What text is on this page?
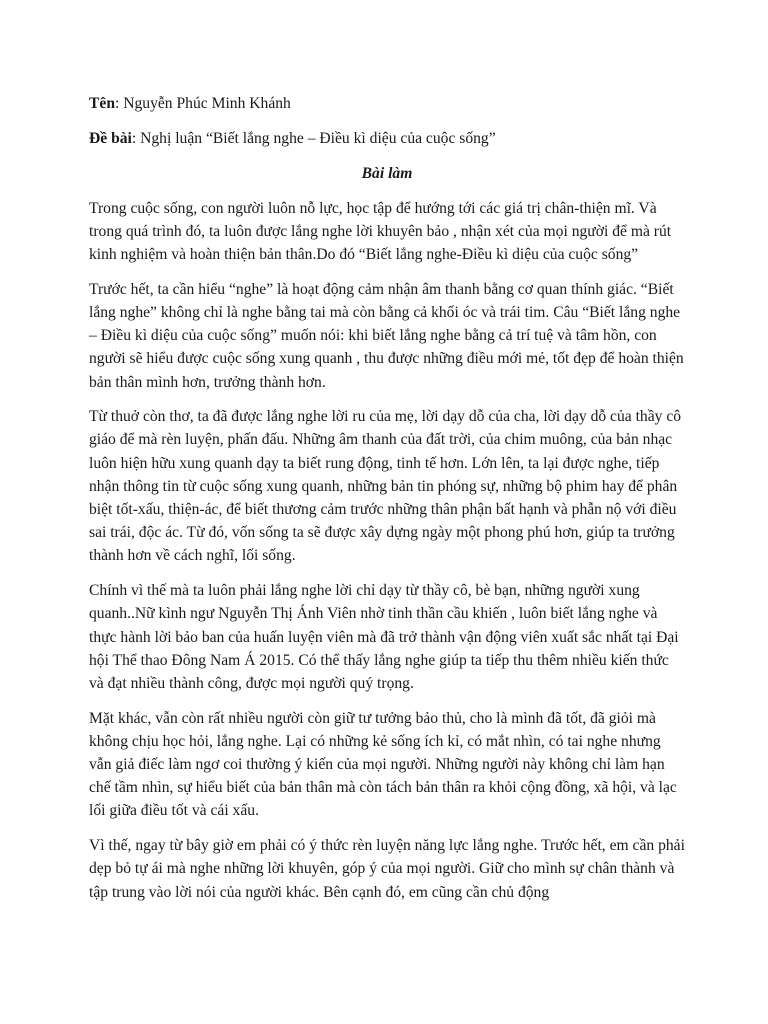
Tên: Nguyễn Phúc Minh Khánh

Đề bài: Nghị luận “Biết lắng nghe – Điều kì diệu của cuộc sống”

Bài làm

Trong cuộc sống, con người luôn nỗ lực, học tập để hướng tới các giá trị chân-thiện mĩ. Và trong quá trình đó, ta luôn được lắng nghe lời khuyên bảo , nhận xét của mọi người để mà rút kinh nghiệm và hoàn thiện bản thân.Do đó “Biết lắng nghe-Điều kì diệu của cuộc sống”

Trước hết, ta cần hiểu “nghe” là hoạt động cảm nhận âm thanh bằng cơ quan thính giác. “Biết lắng nghe” không chỉ là nghe bằng tai mà còn bằng cả khối óc và trái tim. Câu “Biết lắng nghe – Điều kì diệu của cuộc sống” muốn nói: khi biết lắng nghe bằng cả trí tuệ và tâm hồn, con người sẽ hiểu được cuộc sống xung quanh , thu được những điều mới mẻ, tốt đẹp để hoàn thiện bản thân mình hơn, trưởng thành hơn.

Từ thuở còn thơ, ta đã được lắng nghe lời ru của mẹ, lời dạy dỗ của cha, lời dạy dỗ của thầy cô giáo để mà rèn luyện, phấn đấu. Những âm thanh của đất trời, của chim muông, của bản nhạc luôn hiện hữu xung quanh dạy ta biết rung động, tinh tế hơn. Lớn lên, ta lại được nghe, tiếp nhận thông tin từ cuộc sống xung quanh, những bản tin phóng sự, những bộ phim hay để phân biệt tốt-xấu, thiện-ác, để biết thương cảm trước những thân phận bất hạnh và phẫn nộ với điều sai trái, độc ác. Từ đó, vốn sống ta sẽ được xây dựng ngày một phong phú hơn, giúp ta trưởng thành hơn về cách nghĩ, lối sống.

Chính vì thế mà ta luôn phải lắng nghe lời chỉ dạy từ thầy cô, bè bạn, những người xung quanh..Nữ kình ngư Nguyễn Thị Ánh Viên nhờ tinh thần cầu khiến , luôn biết lắng nghe và thực hành lời bảo ban của huấn luyện viên mà đã trở thành vận động viên xuất sắc nhất tại Đại hội Thể thao Đông Nam Á 2015. Có thể thấy lắng nghe giúp ta tiếp thu thêm nhiều kiến thức và đạt nhiều thành công, được mọi người quý trọng.

Mặt khác, vẫn còn rất nhiều người còn giữ tư tưởng bảo thủ, cho là mình đã tốt, đã giỏi mà không chịu học hỏi, lắng nghe. Lại có những kẻ sống ích kỉ, có mắt nhìn, có tai nghe nhưng vẫn giả điếc làm ngơ coi thường ý kiến của mọi người. Những người này không chỉ làm hạn chế tầm nhìn, sự hiểu biết của bản thân mà còn tách bản thân ra khỏi cộng đồng, xã hội, và lạc lối giữa điều tốt và cái xấu.

Vì thế, ngay từ bây giờ em phải có ý thức rèn luyện năng lực lắng nghe. Trước hết, em cần phải dẹp bỏ tự ái mà nghe những lời khuyên, góp ý của mọi người. Giữ cho mình sự chân thành và tập trung vào lời nói của người khác. Bên cạnh đó, em cũng cần chủ động
